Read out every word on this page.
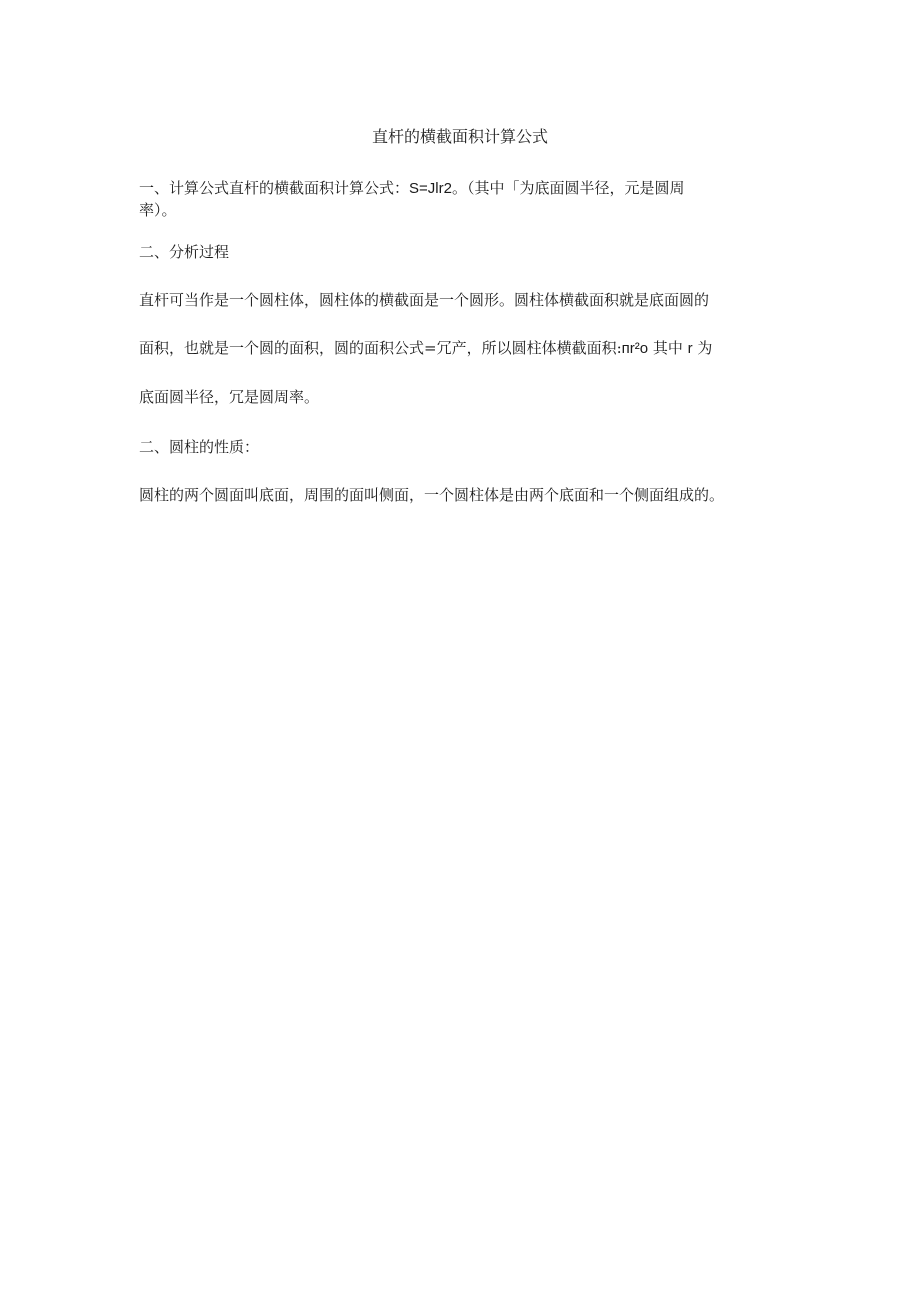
直杆的横截面积计算公式
一、计算公式直杆的横截面积计算公式：S=Jlr2。（其中「为底面圆半径，元是圆周
率）。
二、分析过程
直杆可当作是一个圆柱体，圆柱体的横截面是一个圆形。圆柱体横截面积就是底面圆的
面积，也就是一个圆的面积，圆的面积公式=冗产，所以圆柱体横截面积:ᴨr²o 其中 r 为
底面圆半径，冗是圆周率。
二、圆柱的性质：
圆柱的两个圆面叫底面，周围的面叫侧面，一个圆柱体是由两个底面和一个侧面组成的。
